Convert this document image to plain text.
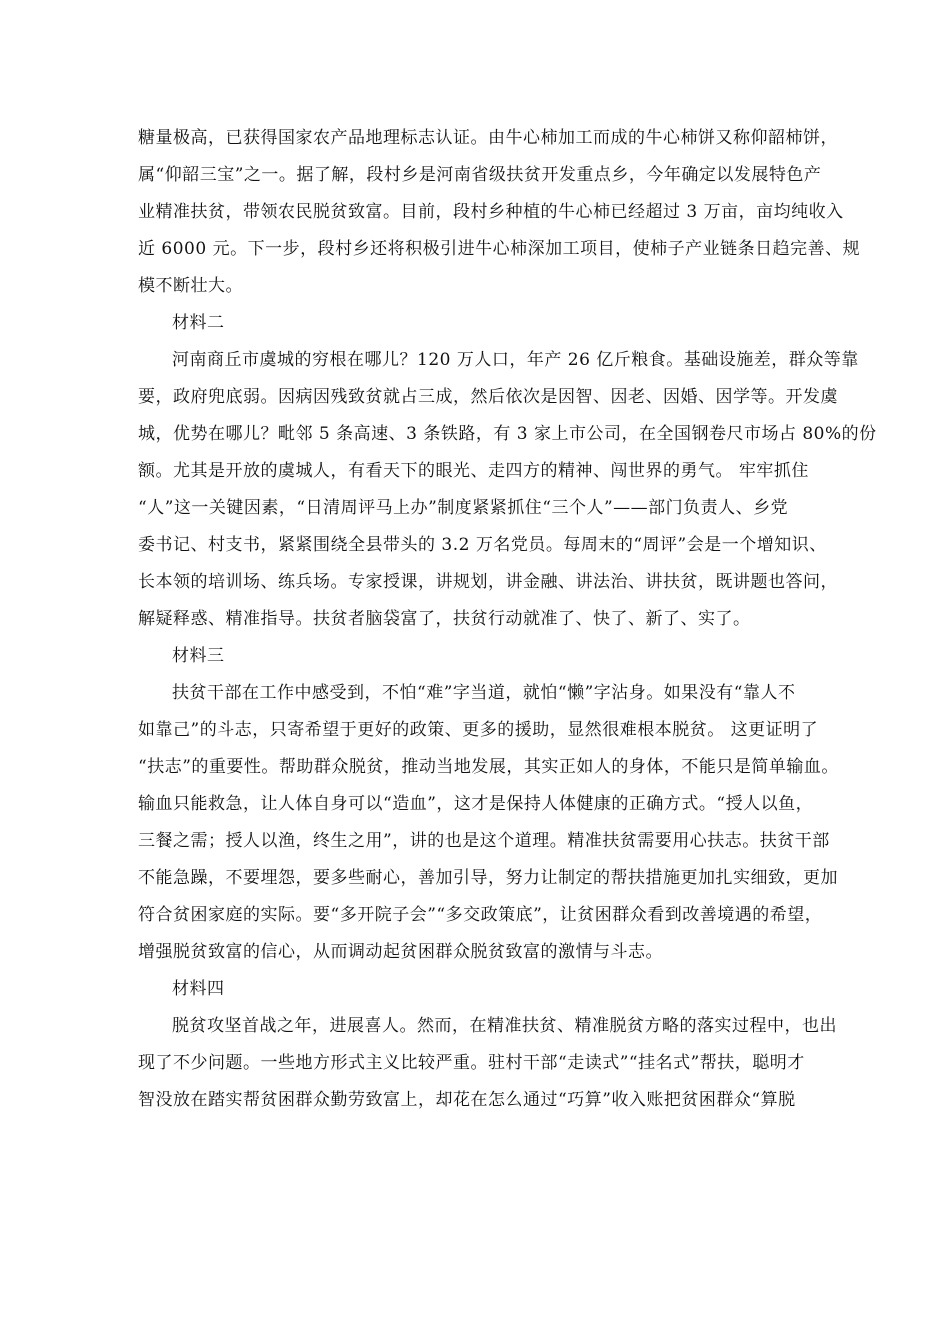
糖量极高，已获得国家农产品地理标志认证。由牛心柿加工而成的牛心柿饼又称仰韶柿饼，
属“仰韶三宝”之一。据了解，段村乡是河南省级扶贫开发重点乡，今年确定以发展特色产
业精准扶贫，带领农民脱贫致富。目前，段村乡种植的牛心柿已经超过 3 万亩，亩均纯收入
近 6000 元。下一步，段村乡还将积极引进牛心柿深加工项目，使柿子产业链条日趋完善、规
模不断壮大。
材料二
河南商丘市虞城的穷根在哪儿？120 万人口，年产 26 亿斤粮食。基础设施差，群众等靠
要，政府兜底弱。因病因残致贫就占三成，然后依次是因智、因老、因婚、因学等。开发虞
城，优势在哪儿？毗邻 5 条高速、3 条铁路，有 3 家上市公司，在全国钢卷尺市场占 80%的份
额。尤其是开放的虞城人，有看天下的眼光、走四方的精神、闯世界的勇气。 牢牢抓住
“人”这一关键因素，“日清周评马上办”制度紧紧抓住“三个人”——部门负责人、乡党
委书记、村支书，紧紧围绕全县带头的 3.2 万名党员。每周末的“周评”会是一个增知识、
长本领的培训场、练兵场。专家授课，讲规划，讲金融、讲法治、讲扶贫，既讲题也答问，
解疑释惑、精准指导。扶贫者脑袋富了，扶贫行动就准了、快了、新了、实了。
材料三
扶贫干部在工作中感受到，不怕“难”字当道，就怕“懒”字沾身。如果没有“靠人不
如靠己”的斗志，只寄希望于更好的政策、更多的援助，显然很难根本脱贫。 这更证明了
“扶志”的重要性。帮助群众脱贫，推动当地发展，其实正如人的身体，不能只是简单输血。
输血只能救急，让人体自身可以“造血”，这才是保持人体健康的正确方式。“授人以鱼，
三餐之需；授人以渔，终生之用”，讲的也是这个道理。精准扶贫需要用心扶志。扶贫干部
不能急躁，不要埋怨，要多些耐心，善加引导，努力让制定的帮扶措施更加扎实细致，更加
符合贫困家庭的实际。要“多开院子会”“多交政策底”，让贫困群众看到改善境遇的希望，
增强脱贫致富的信心，从而调动起贫困群众脱贫致富的激情与斗志。
材料四
脱贫攻坚首战之年，进展喜人。然而，在精准扶贫、精准脱贫方略的落实过程中，也出
现了不少问题。一些地方形式主义比较严重。驻村干部“走读式”“挂名式”帮扶，聪明才
智没放在踏实帮贫困群众勤劳致富上，却花在怎么通过“巧算”收入账把贫困群众“算脱
